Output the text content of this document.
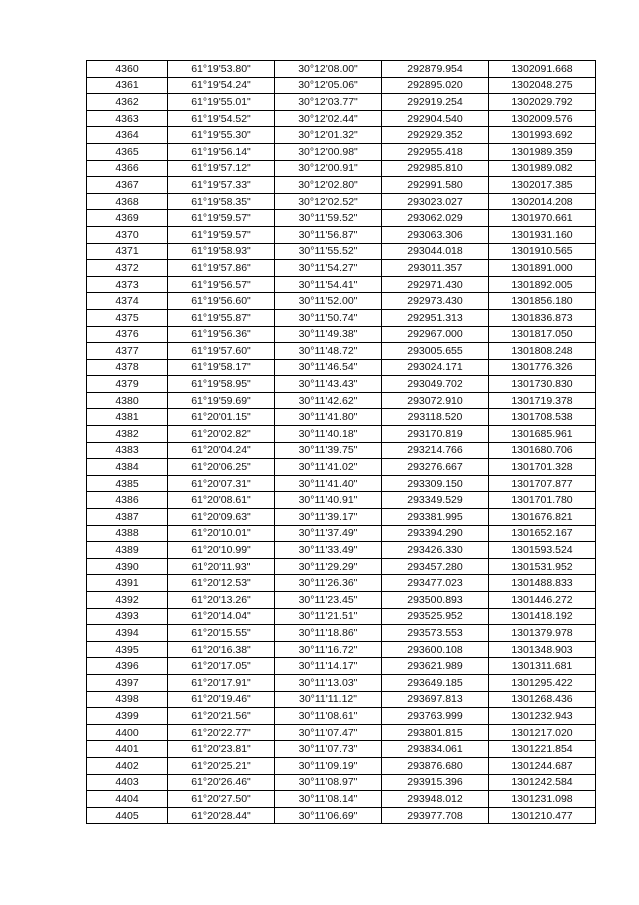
4360	61°19'53.80"	30°12'08.00"	292879.954	1302091.668
4361	61°19'54.24"	30°12'05.06"	292895.020	1302048.275
4362	61°19'55.01"	30°12'03.77"	292919.254	1302029.792
4363	61°19'54.52"	30°12'02.44"	292904.540	1302009.576
4364	61°19'55.30"	30°12'01.32"	292929.352	1301993.692
4365	61°19'56.14"	30°12'00.98"	292955.418	1301989.359
4366	61°19'57.12"	30°12'00.91"	292985.810	1301989.082
4367	61°19'57.33"	30°12'02.80"	292991.580	1302017.385
4368	61°19'58.35"	30°12'02.52"	293023.027	1302014.208
4369	61°19'59.57"	30°11'59.52"	293062.029	1301970.661
4370	61°19'59.57"	30°11'56.87"	293063.306	1301931.160
4371	61°19'58.93"	30°11'55.52"	293044.018	1301910.565
4372	61°19'57.86"	30°11'54.27"	293011.357	1301891.000
4373	61°19'56.57"	30°11'54.41"	292971.430	1301892.005
4374	61°19'56.60"	30°11'52.00"	292973.430	1301856.180
4375	61°19'55.87"	30°11'50.74"	292951.313	1301836.873
4376	61°19'56.36"	30°11'49.38"	292967.000	1301817.050
4377	61°19'57.60"	30°11'48.72"	293005.655	1301808.248
4378	61°19'58.17"	30°11'46.54"	293024.171	1301776.326
4379	61°19'58.95"	30°11'43.43"	293049.702	1301730.830
4380	61°19'59.69"	30°11'42.62"	293072.910	1301719.378
4381	61°20'01.15"	30°11'41.80"	293118.520	1301708.538
4382	61°20'02.82"	30°11'40.18"	293170.819	1301685.961
4383	61°20'04.24"	30°11'39.75"	293214.766	1301680.706
4384	61°20'06.25"	30°11'41.02"	293276.667	1301701.328
4385	61°20'07.31"	30°11'41.40"	293309.150	1301707.877
4386	61°20'08.61"	30°11'40.91"	293349.529	1301701.780
4387	61°20'09.63"	30°11'39.17"	293381.995	1301676.821
4388	61°20'10.01"	30°11'37.49"	293394.290	1301652.167
4389	61°20'10.99"	30°11'33.49"	293426.330	1301593.524
4390	61°20'11.93"	30°11'29.29"	293457.280	1301531.952
4391	61°20'12.53"	30°11'26.36"	293477.023	1301488.833
4392	61°20'13.26"	30°11'23.45"	293500.893	1301446.272
4393	61°20'14.04"	30°11'21.51"	293525.952	1301418.192
4394	61°20'15.55"	30°11'18.86"	293573.553	1301379.978
4395	61°20'16.38"	30°11'16.72"	293600.108	1301348.903
4396	61°20'17.05"	30°11'14.17"	293621.989	1301311.681
4397	61°20'17.91"	30°11'13.03"	293649.185	1301295.422
4398	61°20'19.46"	30°11'11.12"	293697.813	1301268.436
4399	61°20'21.56"	30°11'08.61"	293763.999	1301232.943
4400	61°20'22.77"	30°11'07.47"	293801.815	1301217.020
4401	61°20'23.81"	30°11'07.73"	293834.061	1301221.854
4402	61°20'25.21"	30°11'09.19"	293876.680	1301244.687
4403	61°20'26.46"	30°11'08.97"	293915.396	1301242.584
4404	61°20'27.50"	30°11'08.14"	293948.012	1301231.098
4405	61°20'28.44"	30°11'06.69"	293977.708	1301210.477
